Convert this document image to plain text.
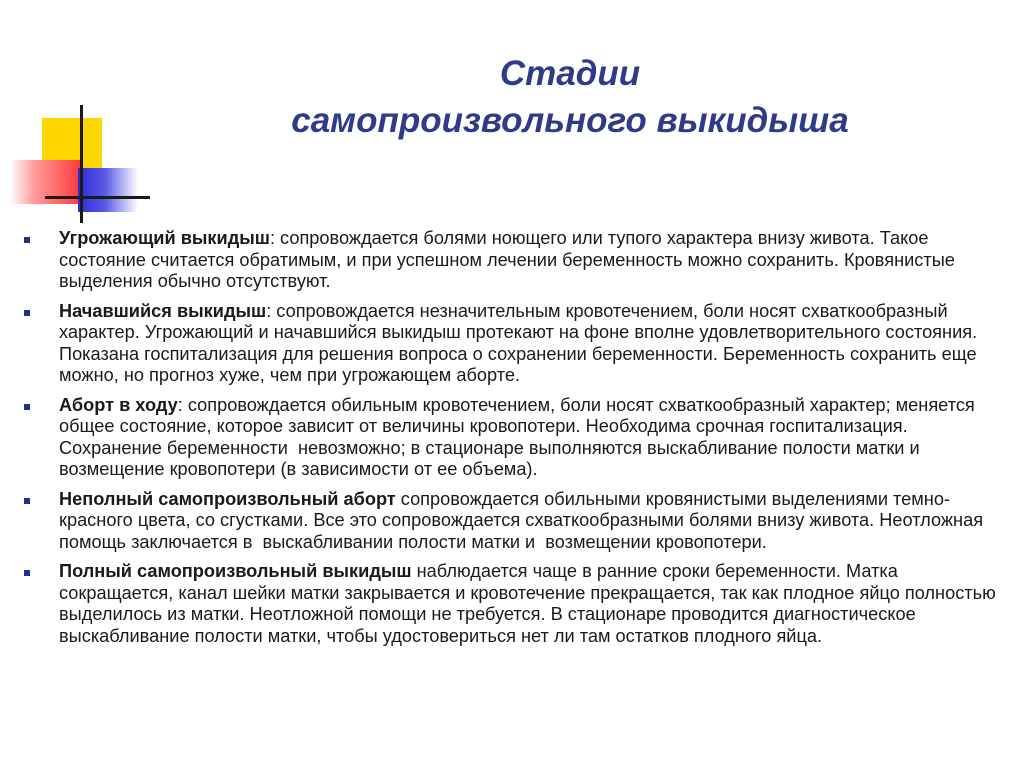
Стадии
самопроизвольного выкидыша
Угрожающий выкидыш: сопровождается болями ноющего или тупого характера внизу живота. Такое состояние считается обратимым, и при успешном лечении беременность можно сохранить. Кровянистые выделения обычно отсутствуют.
Начавшийся выкидыш: сопровождается незначительным кровотечением, боли носят схваткообразный характер. Угрожающий и начавшийся выкидыш протекают на фоне вполне удовлетворительного состояния. Показана госпитализация для решения вопроса о сохранении беременности. Беременность сохранить еще можно, но прогноз хуже, чем при угрожающем аборте.
Аборт в ходу: сопровождается обильным кровотечением, боли носят схваткообразный характер; меняется общее состояние, которое зависит от величины кровопотери. Необходима срочная госпитализация. Сохранение беременности  невозможно; в стационаре выполняются выскабливание полости матки и возмещение кровопотери (в зависимости от ее объема).
Неполный самопроизвольный аборт сопровождается обильными кровянистыми выделениями темно-красного цвета, со сгустками. Все это сопровождается схваткообразными болями внизу живота. Неотложная помощь заключается в  выскабливании полости матки и  возмещении кровопотери.
Полный самопроизвольный выкидыш наблюдается чаще в ранние сроки беременности. Матка сокращается, канал шейки матки закрывается и кровотечение прекращается, так как плодное яйцо полностью выделилось из матки. Неотложной помощи не требуется. В стационаре проводится диагностическое выскабливание полости матки, чтобы удостовериться нет ли там остатков плодного яйца.
